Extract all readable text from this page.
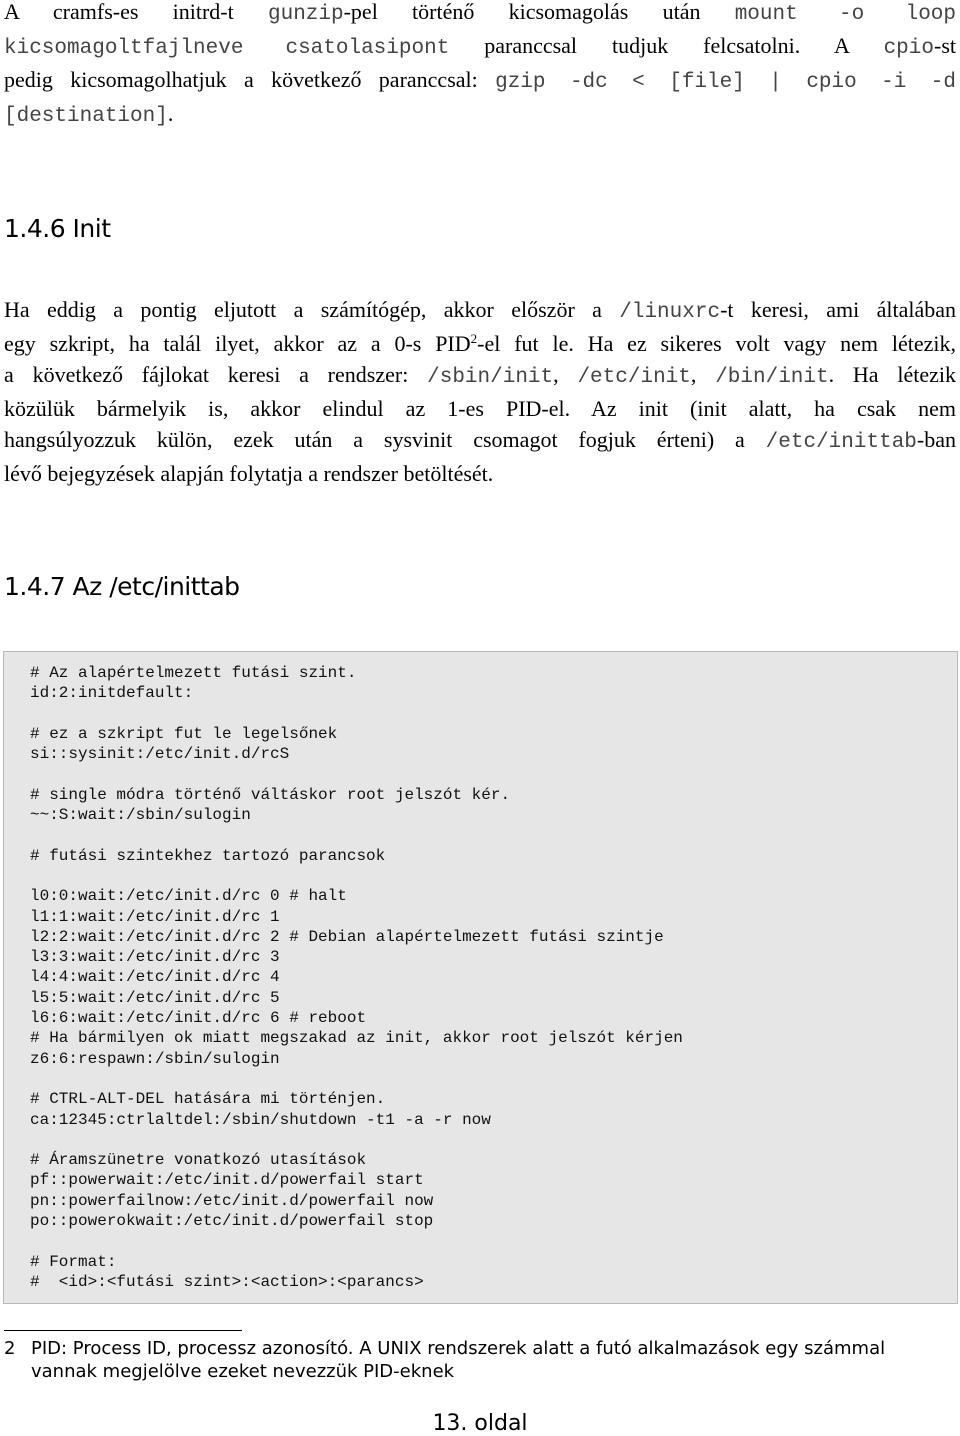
A cramfs-es initrd-t gunzip-pel történő kicsomagolás után mount -o loop
kicsomagoltfajlneve csatolasipont paranccsal tudjuk felcsatolni. A cpio-st
pedig kicsomagolhatjuk a következő paranccsal: gzip -dc < [file] | cpio -i -d
[destination].

1.4.6 Init

Ha eddig a pontig eljutott a számítógép, akkor először a /linuxrc-t keresi, ami általában
egy szkript, ha talál ilyet, akkor az a 0-s PID$^2$-el fut le. Ha ez sikeres volt vagy nem létezik,
a következő fájlokat keresi a rendszer: /sbin/init, /etc/init, /bin/init. Ha létezik
közülük bármelyik is, akkor elindul az 1-es PID-el. Az init (init alatt, ha csak nem
hangsúlyozzuk külön, ezek után a sysvinit csomagot fogjuk érteni) a /etc/inittab-ban
lévő bejegyzések alapján folytatja a rendszer betöltését.

1.4.7 Az /etc/inittab
# Az alapértelmezett futási szint.
id:2:initdefault:

# ez a szkript fut le legelsőnek
si::sysinit:/etc/init.d/rcS

# single módra történő váltáskor root jelszót kér.
~~:S:wait:/sbin/sulogin

# futási szintekhez tartozó parancsok

l0:0:wait:/etc/init.d/rc 0 # halt
l1:1:wait:/etc/init.d/rc 1
l2:2:wait:/etc/init.d/rc 2 # Debian alapértelmezett futási szintje
l3:3:wait:/etc/init.d/rc 3
l4:4:wait:/etc/init.d/rc 4
l5:5:wait:/etc/init.d/rc 5
l6:6:wait:/etc/init.d/rc 6 # reboot
# Ha bármilyen ok miatt megszakad az init, akkor root jelszót kérjen
z6:6:respawn:/sbin/sulogin

# CTRL-ALT-DEL hatására mi történjen.
ca:12345:ctrlaltdel:/sbin/shutdown -t1 -a -r now

# Áramszünetre vonatkozó utasítások
pf::powerwait:/etc/init.d/powerfail start
pn::powerfailnow:/etc/init.d/powerfail now
po::powerokwait:/etc/init.d/powerfail stop

# Format:
#  <id>:<futási szint>:<action>:<parancs>

2 PID: Process ID, processz azonosító. A UNIX rendszerek alatt a futó alkalmazások egy számmal vannak megjelölve ezeket nevezzük PID-eknek

13. oldal
